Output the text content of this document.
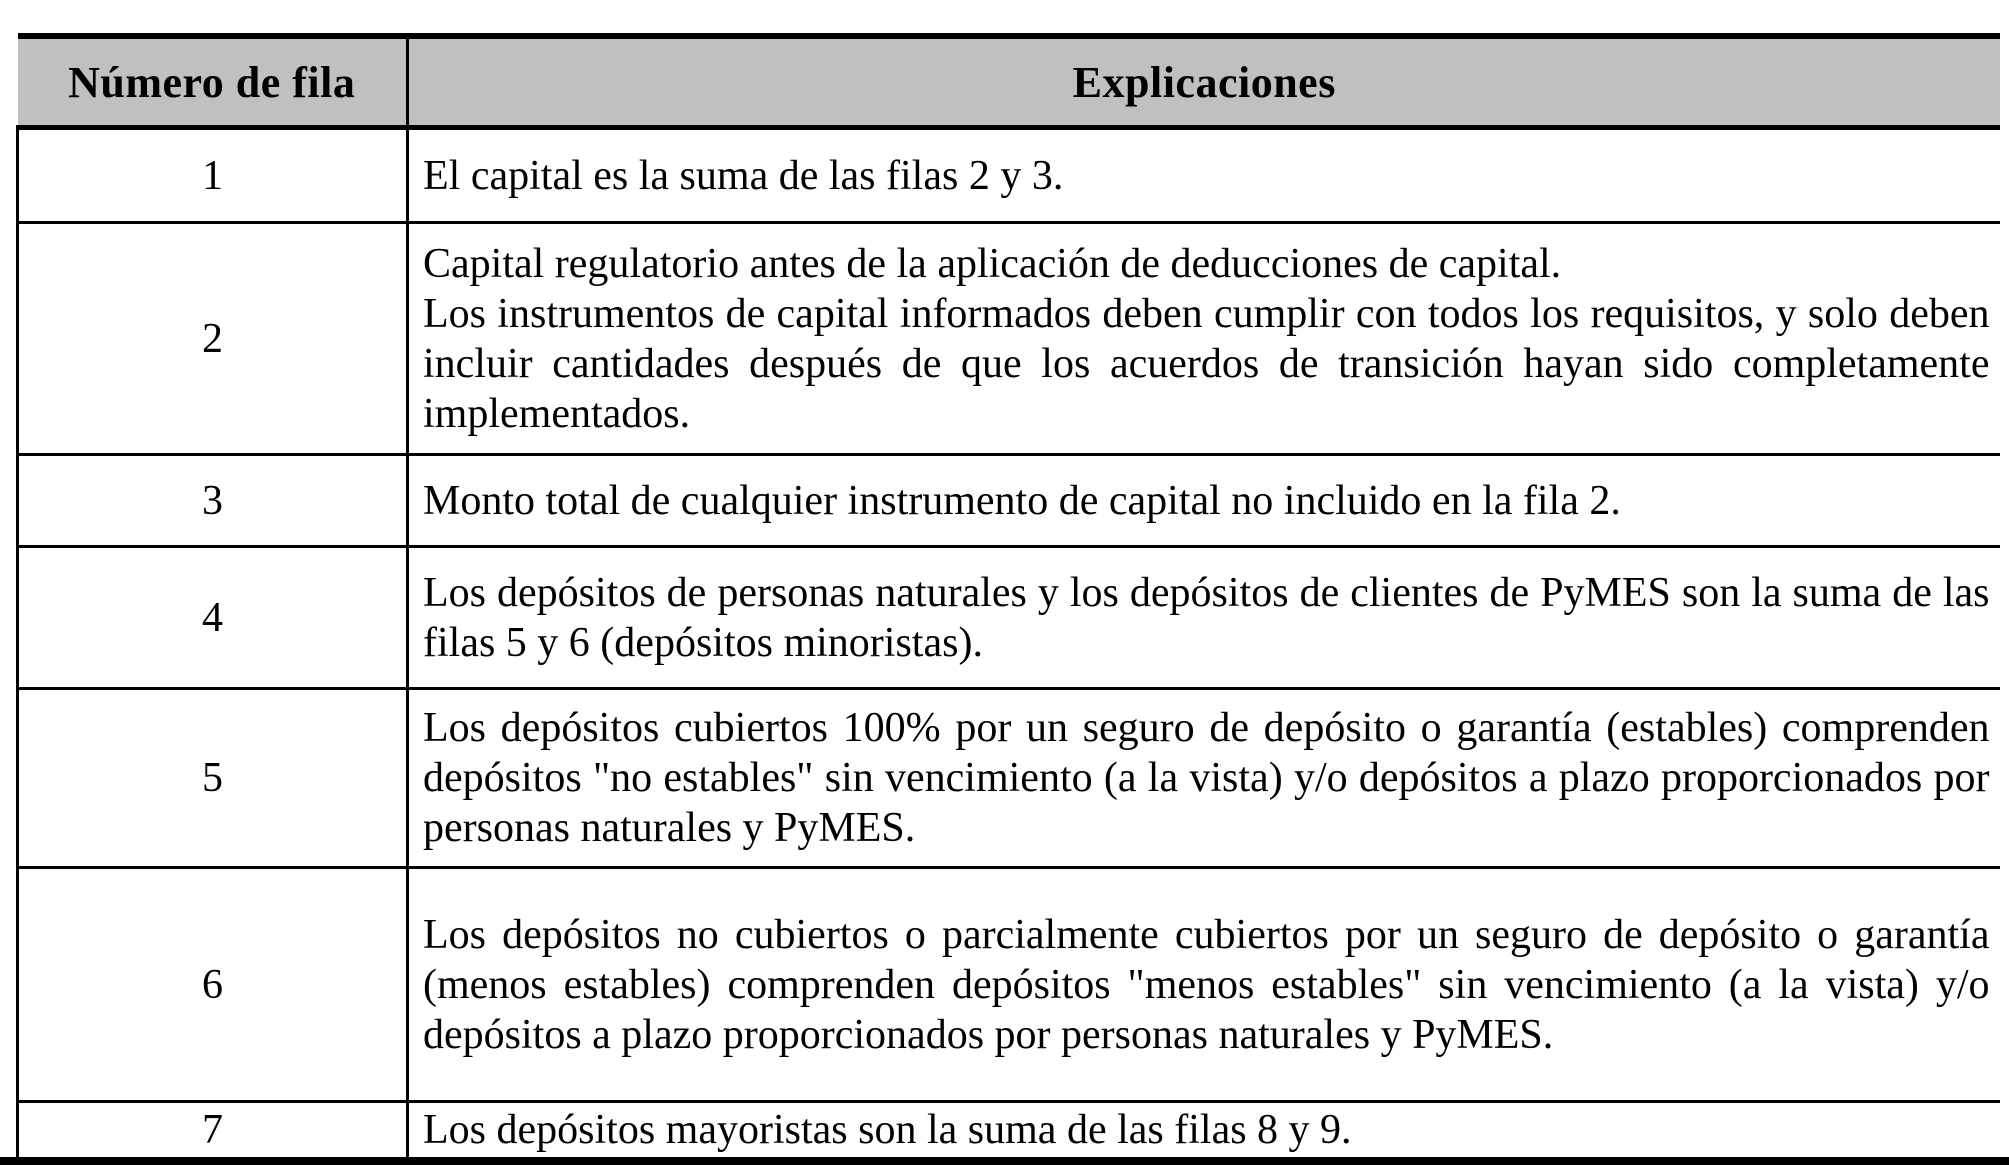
Número de fila	Explicaciones
1	El capital es la suma de las filas 2 y 3.

2	Capital regulatorio antes de la aplicación de deducciones de capital.

Los instrumentos de capital informados deben cumplir con todos los requisitos, y solo deben incluir cantidades después de que los acuerdos de transición hayan sido completamente implementados.

3	Monto total de cualquier instrumento de capital no incluido en la fila 2.

4	Los depósitos de personas naturales y los depósitos de clientes de PyMES son la suma de las filas 5 y 6 (depósitos minoristas).

5	Los depósitos cubiertos 100% por un seguro de depósito o garantía (estables) comprenden depósitos "no estables" sin vencimiento (a la vista) y/o depósitos a plazo proporcionados por personas naturales y PyMES.

6	Los depósitos no cubiertos o parcialmente cubiertos por un seguro de depósito o garantía (menos estables) comprenden depósitos "menos estables" sin vencimiento (a la vista) y/o depósitos a plazo proporcionados por personas naturales y PyMES.

7	Los depósitos mayoristas son la suma de las filas 8 y 9.
